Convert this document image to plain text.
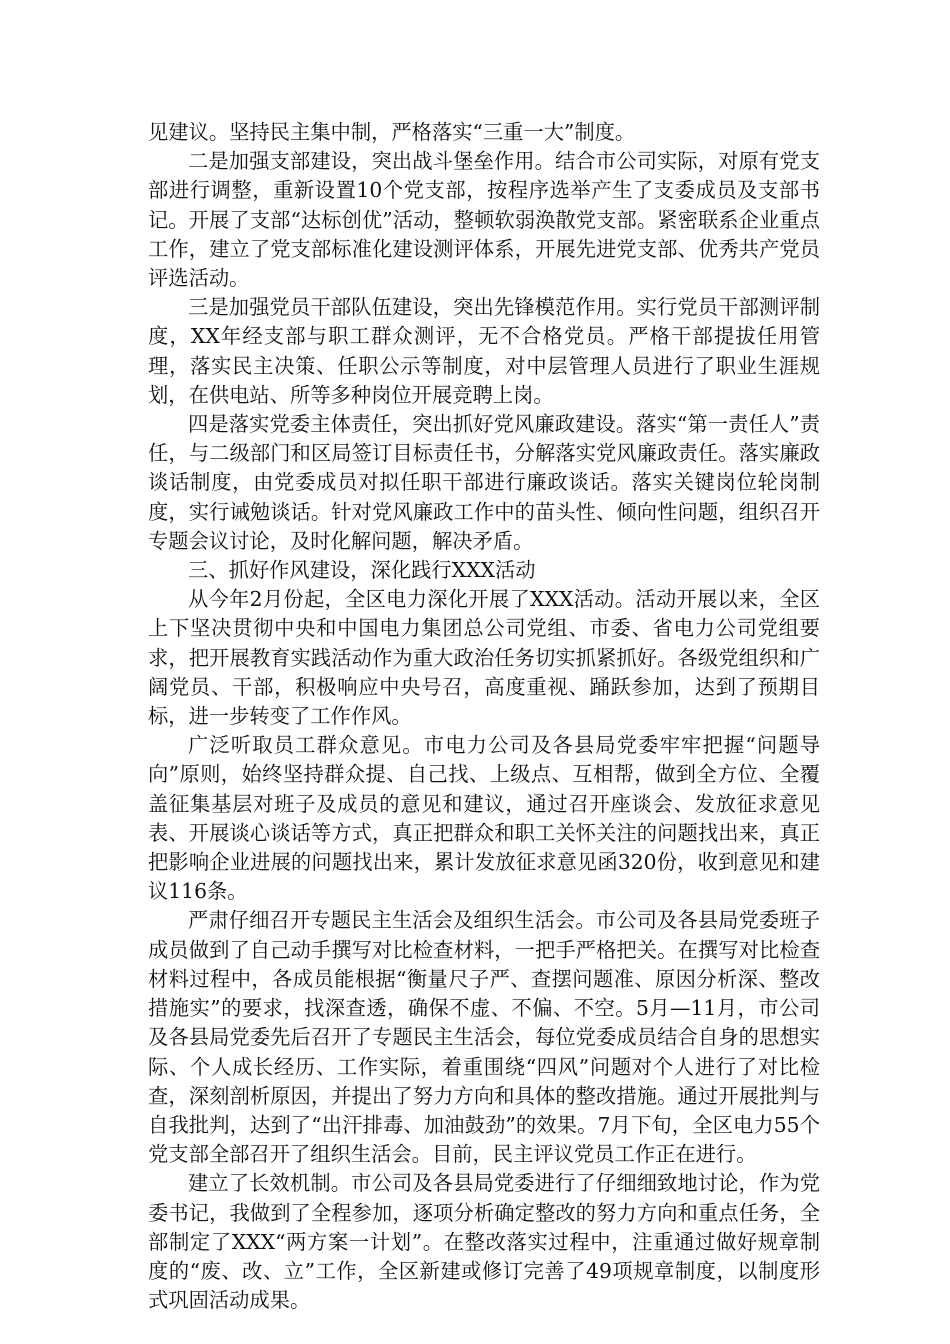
见建议。坚持民主集中制，严格落实“三重一大”制度。

二是加强支部建设，突出战斗堡垒作用。结合市公司实际，对原有党支部进行调整，重新设置10个党支部，按程序选举产生了支委成员及支部书记。开展了支部“达标创优”活动，整顿软弱涣散党支部。紧密联系企业重点工作，建立了党支部标准化建设测评体系，开展先进党支部、优秀共产党员评选活动。

三是加强党员干部队伍建设，突出先锋模范作用。实行党员干部测评制度，XX年经支部与职工群众测评，无不合格党员。严格干部提拔任用管理，落实民主决策、任职公示等制度，对中层管理人员进行了职业生涯规划，在供电站、所等多种岗位开展竞聘上岗。

四是落实党委主体责任，突出抓好党风廉政建设。落实“第一责任人”责任，与二级部门和区局签订目标责任书，分解落实党风廉政责任。落实廉政谈话制度，由党委成员对拟任职干部进行廉政谈话。落实关键岗位轮岗制度，实行诫勉谈话。针对党风廉政工作中的苗头性、倾向性问题，组织召开专题会议讨论，及时化解问题，解决矛盾。

三、抓好作风建设，深化践行XXX活动

从今年2月份起，全区电力深化开展了XXX活动。活动开展以来，全区上下坚决贯彻中央和中国电力集团总公司党组、市委、省电力公司党组要求，把开展教育实践活动作为重大政治任务切实抓紧抓好。各级党组织和广阔党员、干部，积极响应中央号召，高度重视、踊跃参加，达到了预期目标，进一步转变了工作作风。

广泛听取员工群众意见。市电力公司及各县局党委牢牢把握“问题导向”原则，始终坚持群众提、自己找、上级点、互相帮，做到全方位、全覆盖征集基层对班子及成员的意见和建议，通过召开座谈会、发放征求意见表、开展谈心谈话等方式，真正把群众和职工关怀关注的问题找出来，真正把影响企业进展的问题找出来，累计发放征求意见函320份，收到意见和建议116条。

严肃仔细召开专题民主生活会及组织生活会。市公司及各县局党委班子成员做到了自己动手撰写对比检查材料，一把手严格把关。在撰写对比检查材料过程中，各成员能根据“衡量尺子严、查摆问题准、原因分析深、整改措施实”的要求，找深查透，确保不虚、不偏、不空。5月—11月，市公司及各县局党委先后召开了专题民主生活会，每位党委成员结合自身的思想实际、个人成长经历、工作实际，着重围绕“四风”问题对个人进行了对比检查，深刻剖析原因，并提出了努力方向和具体的整改措施。通过开展批判与自我批判，达到了“出汗排毒、加油鼓劲”的效果。7月下旬，全区电力55个党支部全部召开了组织生活会。目前，民主评议党员工作正在进行。

建立了长效机制。市公司及各县局党委进行了仔细细致地讨论，作为党委书记，我做到了全程参加，逐项分析确定整改的努力方向和重点任务，全部制定了XXX“两方案一计划”。在整改落实过程中，注重通过做好规章制度的“废、改、立”工作，全区新建或修订完善了49项规章制度，以制度形式巩固活动成果。
